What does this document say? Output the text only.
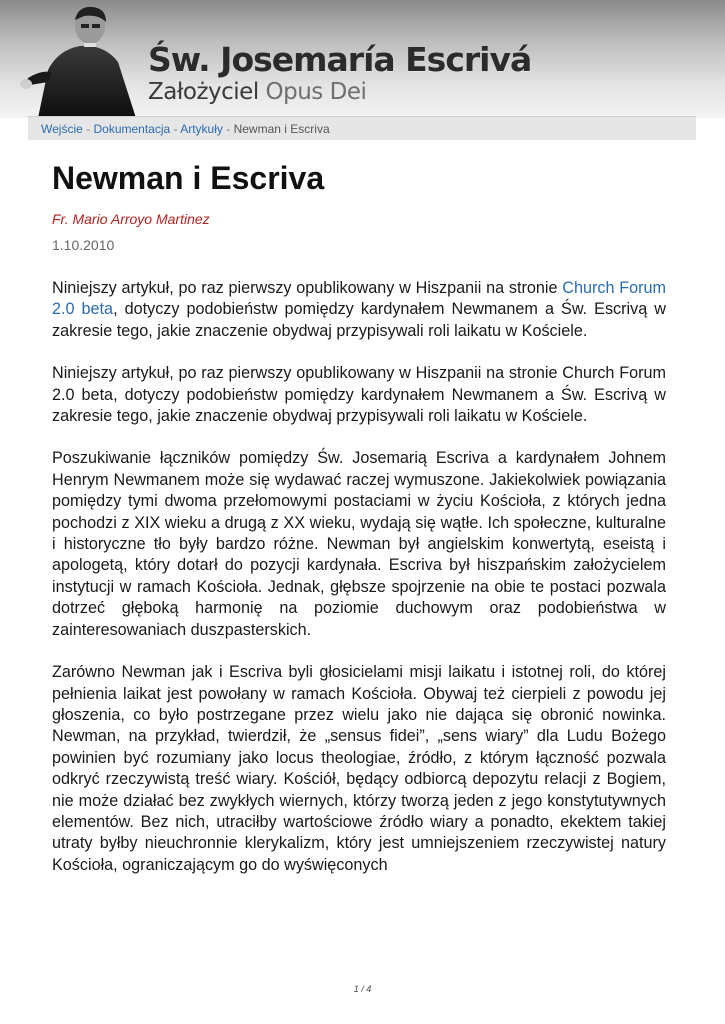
Św. Josemaría Escrivá
Założyciel Opus Dei
Wejście - Dokumentacja - Artykuły - Newman i Escriva
Newman i Escriva
Fr. Mario Arroyo Martinez
1.10.2010

Niniejszy artykuł, po raz pierwszy opublikowany w Hiszpanii na stronie Church Forum 2.0 beta, dotyczy podobieństw pomiędzy kardynałem Newmanem a Św. Escrivą w zakresie tego, jakie znaczenie obydwaj przypisywali roli laikatu w Kościele.

Niniejszy artykuł, po raz pierwszy opublikowany w Hiszpanii na stronie Church Forum 2.0 beta, dotyczy podobieństw pomiędzy kardynałem Newmanem a Św. Escrivą w zakresie tego, jakie znaczenie obydwaj przypisywali roli laikatu w Kościele.

Poszukiwanie łączników pomiędzy Św. Josemarią Escriva a kardynałem Johnem Henrym Newmanem może się wydawać raczej wymuszone. Jakiekolwiek powiązania pomiędzy tymi dwoma przełomowymi postaciami w życiu Kościoła, z których jedna pochodzi z XIX wieku a drugą z XX wieku, wydają się wątłe. Ich społeczne, kulturalne i historyczne tło były bardzo różne. Newman był angielskim konwertytą, eseistą i apologetą, który dotarł do pozycji kardynała. Escriva był hiszpańskim założycielem instytucji w ramach Kościoła. Jednak, głębsze spojrzenie na obie te postaci pozwala dotrzeć głęboką harmonię na poziomie duchowym oraz podobieństwa w zainteresowaniach duszpasterskich.

Zarówno Newman jak i Escriva byli głosicielami misji laikatu i istotnej roli, do której pełnienia laikat jest powołany w ramach Kościoła. Obywaj też cierpieli z powodu jej głoszenia, co było postrzegane przez wielu jako nie dająca się obronić nowinka. Newman, na przykład, twierdził, że „sensus fidei”, „sens wiary” dla Ludu Bożego powinien być rozumiany jako locus theologiae, źródło, z którym łączność pozwala odkryć rzeczywistą treść wiary. Kościół, będący odbiorcą depozytu relacji z Bogiem, nie może działać bez zwykłych wiernych, którzy tworzą jeden z jego konstytutywnych elementów. Bez nich, utraciłby wartościowe źródło wiary a ponadto, ekektem takiej utraty byłby nieuchronnie klerykalizm, który jest umniejszeniem rzeczywistej natury Kościoła, ograniczającym go do wyświęconych

1 / 4
